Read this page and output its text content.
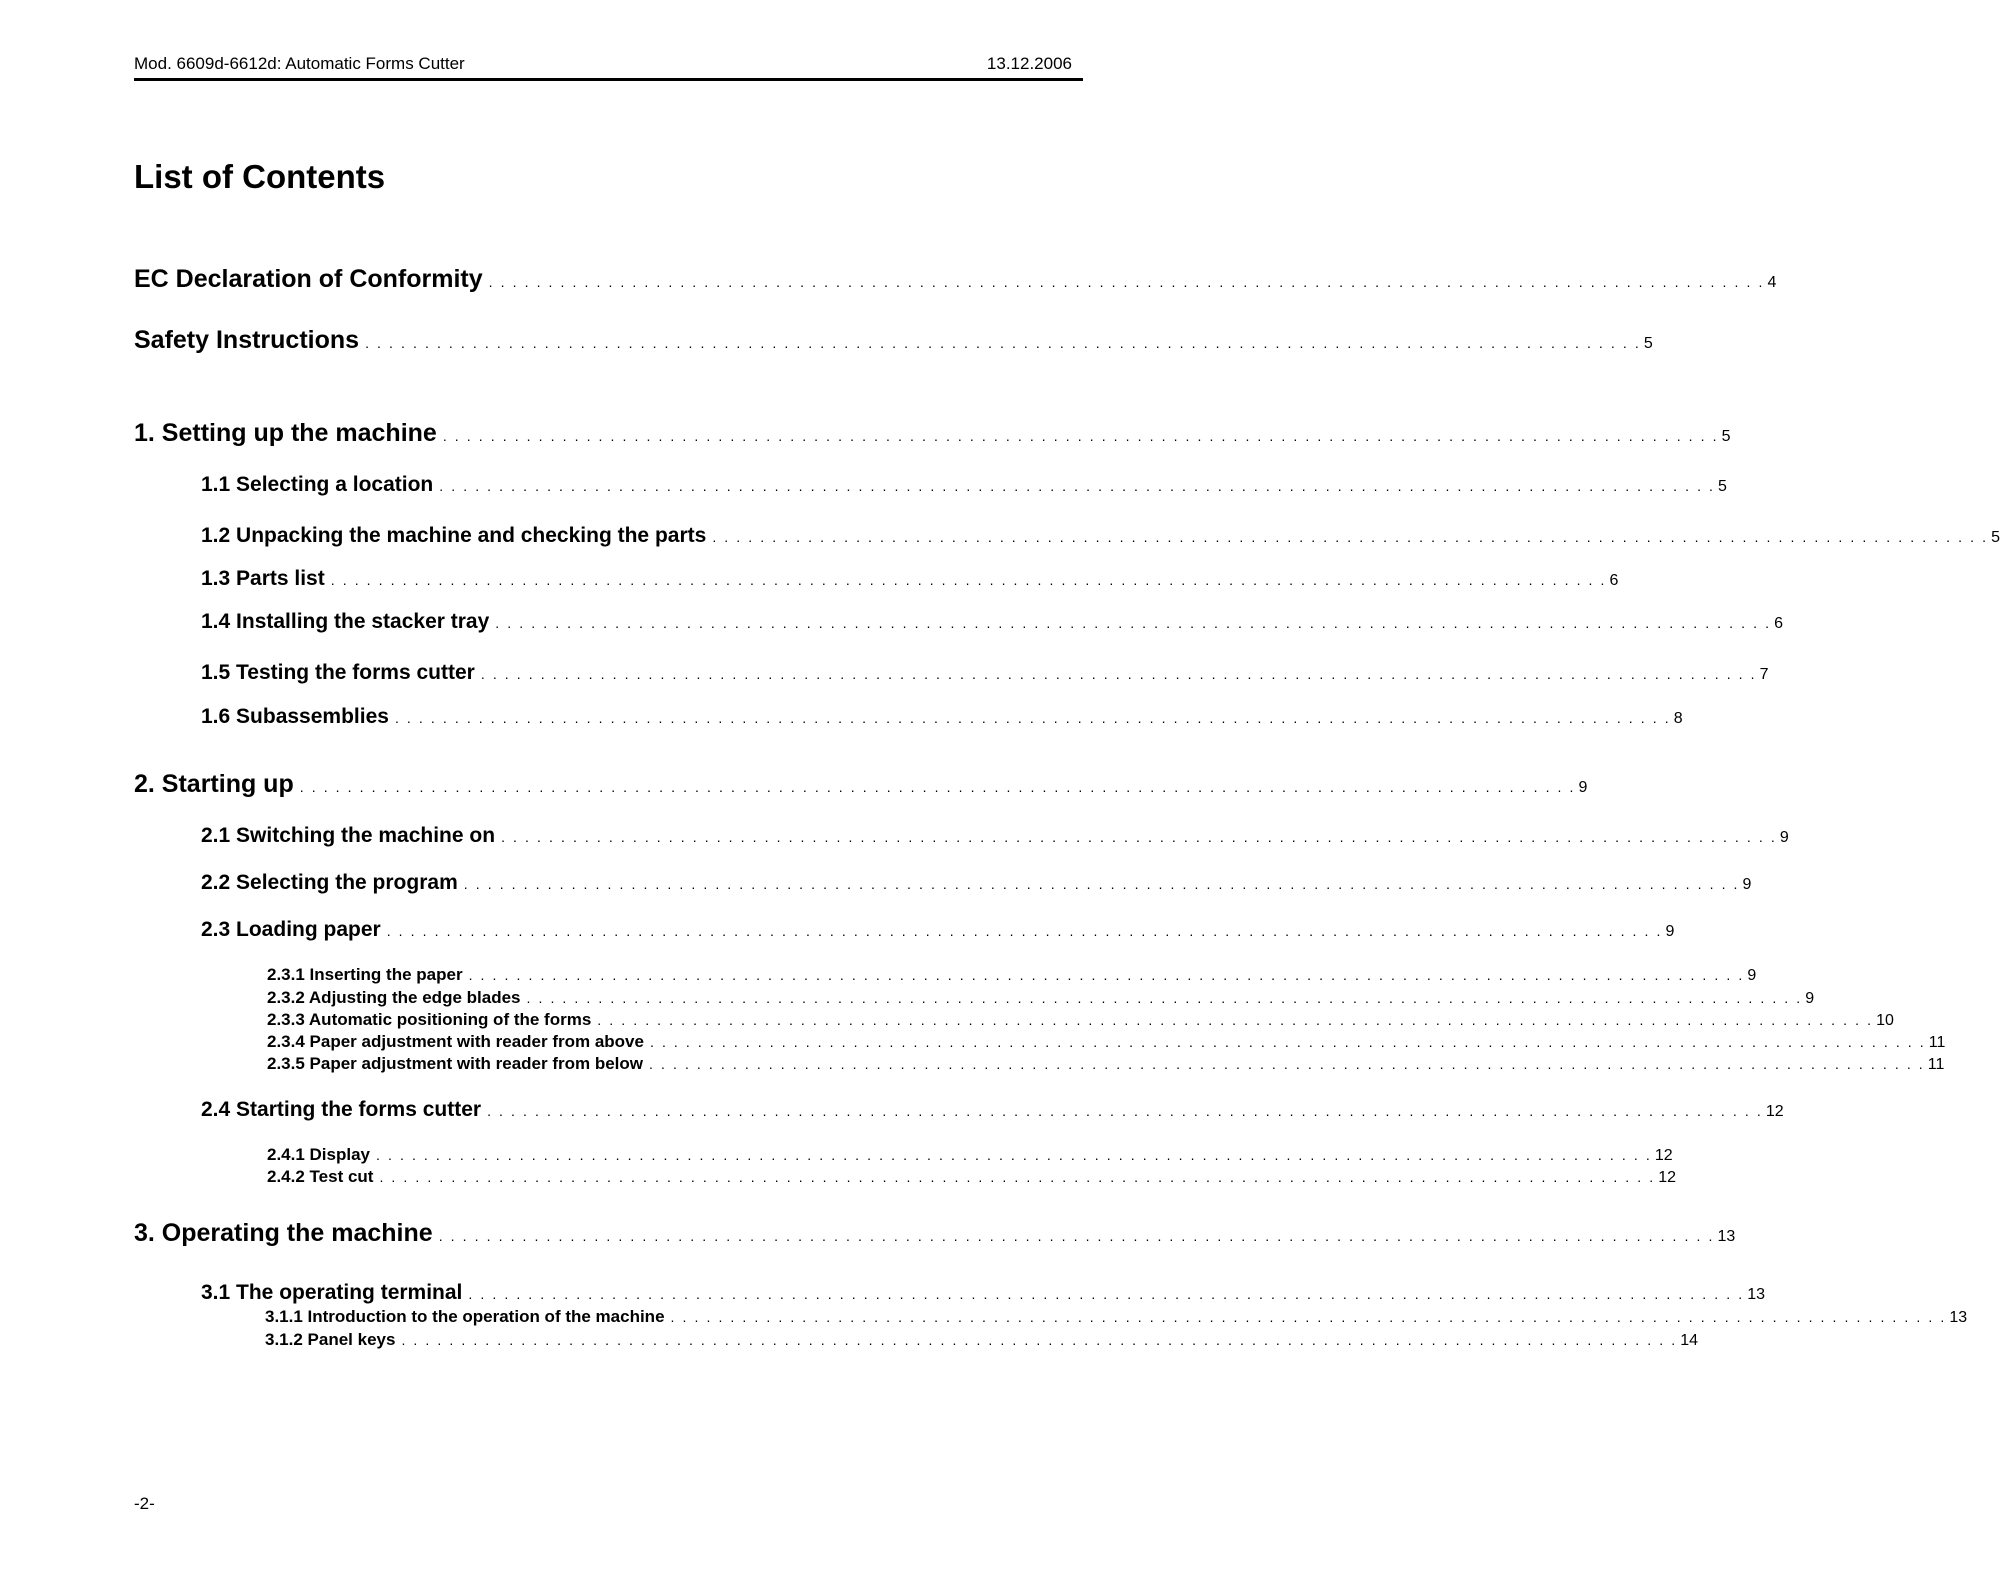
Mod. 6609d-6612d: Automatic Forms Cutter	13.12.2006
List of Contents
EC Declaration of Conformity . . . . . . . . . . . . . . . . . . . . . . . . . . . . . . . . . . . . . . . . . . . . . . . . . . . . . . . . . . . . . . . . . . . . . . . . . . . . . . . . . . . . . . . . . . . . . . . . . . . . . . . . . . . 4
Safety Instructions . . . . . . . . . . . . . . . . . . . . . . . . . . . . . . . . . . . . . . . . . . . . . . . . . . . . . . . . . . . . . . . . . . . . . . . . . . . . . . . . . . . . . . . . . . . . . . . . . . . . . . . . . . . 5
1. Setting up the machine . . . . . . . . . . . . . . . . . . . . . . . . . . . . . . . . . . . . . . . . . . . . . . . . . . . . . . . . . . . . . . . . . . . . . . . . . . . . . . . . . . . . . . . . . . . . . . . . . . . . . . . . . . . 5
1.1 Selecting a location . . . . . . . . . . . . . . . . . . . . . . . . . . . . . . . . . . . . . . . . . . . . . . . . . . . . . . . . . . . . . . . . . . . . . . . . . . . . . . . . . . . . . . . . . . . . . . . . . . . . . . . . . . . 5
1.2 Unpacking the machine and checking the parts . . . . . . . . . . . . . . . . . . . . . . . . . . . . . . . . . . . . . . . . . . . . . . . . . . . . . . . . . . . . . . . . . . . . . . . . . . . . . . . . . . . . . . . . . . . . . . . . . . . . . . . . . . . 5
1.3 Parts list . . . . . . . . . . . . . . . . . . . . . . . . . . . . . . . . . . . . . . . . . . . . . . . . . . . . . . . . . . . . . . . . . . . . . . . . . . . . . . . . . . . . . . . . . . . . . . . . . . . . . . . . . . . 6
1.4 Installing the stacker tray . . . . . . . . . . . . . . . . . . . . . . . . . . . . . . . . . . . . . . . . . . . . . . . . . . . . . . . . . . . . . . . . . . . . . . . . . . . . . . . . . . . . . . . . . . . . . . . . . . . . . . . . . . . 6
1.5 Testing the forms cutter . . . . . . . . . . . . . . . . . . . . . . . . . . . . . . . . . . . . . . . . . . . . . . . . . . . . . . . . . . . . . . . . . . . . . . . . . . . . . . . . . . . . . . . . . . . . . . . . . . . . . . . . . . . 7
1.6 Subassemblies . . . . . . . . . . . . . . . . . . . . . . . . . . . . . . . . . . . . . . . . . . . . . . . . . . . . . . . . . . . . . . . . . . . . . . . . . . . . . . . . . . . . . . . . . . . . . . . . . . . . . . . . . . . 8
2. Starting up . . . . . . . . . . . . . . . . . . . . . . . . . . . . . . . . . . . . . . . . . . . . . . . . . . . . . . . . . . . . . . . . . . . . . . . . . . . . . . . . . . . . . . . . . . . . . . . . . . . . . . . . . . . 9
2.1 Switching the machine on . . . . . . . . . . . . . . . . . . . . . . . . . . . . . . . . . . . . . . . . . . . . . . . . . . . . . . . . . . . . . . . . . . . . . . . . . . . . . . . . . . . . . . . . . . . . . . . . . . . . . . . . . . . 9
2.2 Selecting the program . . . . . . . . . . . . . . . . . . . . . . . . . . . . . . . . . . . . . . . . . . . . . . . . . . . . . . . . . . . . . . . . . . . . . . . . . . . . . . . . . . . . . . . . . . . . . . . . . . . . . . . . . . . 9
2.3 Loading paper . . . . . . . . . . . . . . . . . . . . . . . . . . . . . . . . . . . . . . . . . . . . . . . . . . . . . . . . . . . . . . . . . . . . . . . . . . . . . . . . . . . . . . . . . . . . . . . . . . . . . . . . . . . 9
2.3.1 Inserting the paper . . . . . . . . . . . . . . . . . . . . . . . . . . . . . . . . . . . . . . . . . . . . . . . . . . . . . . . . . . . . . . . . . . . . . . . . . . . . . . . . . . . . . . . . . . . . . . . . . . . . . . . . . . . 9
2.3.2 Adjusting the edge blades . . . . . . . . . . . . . . . . . . . . . . . . . . . . . . . . . . . . . . . . . . . . . . . . . . . . . . . . . . . . . . . . . . . . . . . . . . . . . . . . . . . . . . . . . . . . . . . . . . . . . . . . . . . 9
2.3.3 Automatic positioning of the forms . . . . . . . . . . . . . . . . . . . . . . . . . . . . . . . . . . . . . . . . . . . . . . . . . . . . . . . . . . . . . . . . . . . . . . . . . . . . . . . . . . . . . . . . . . . . . . . . . . . . . . . . . . . 10
2.3.4 Paper adjustment with reader from above . . . . . . . . . . . . . . . . . . . . . . . . . . . . . . . . . . . . . . . . . . . . . . . . . . . . . . . . . . . . . . . . . . . . . . . . . . . . . . . . . . . . . . . . . . . . . . . . . . . . . . . . . . . 11
2.3.5 Paper adjustment with reader from below . . . . . . . . . . . . . . . . . . . . . . . . . . . . . . . . . . . . . . . . . . . . . . . . . . . . . . . . . . . . . . . . . . . . . . . . . . . . . . . . . . . . . . . . . . . . . . . . . . . . . . . . . . . 11
2.4 Starting the forms cutter . . . . . . . . . . . . . . . . . . . . . . . . . . . . . . . . . . . . . . . . . . . . . . . . . . . . . . . . . . . . . . . . . . . . . . . . . . . . . . . . . . . . . . . . . . . . . . . . . . . . . . . . . . . 12
2.4.1 Display . . . . . . . . . . . . . . . . . . . . . . . . . . . . . . . . . . . . . . . . . . . . . . . . . . . . . . . . . . . . . . . . . . . . . . . . . . . . . . . . . . . . . . . . . . . . . . . . . . . . . . . . . . . 12
2.4.2 Test cut . . . . . . . . . . . . . . . . . . . . . . . . . . . . . . . . . . . . . . . . . . . . . . . . . . . . . . . . . . . . . . . . . . . . . . . . . . . . . . . . . . . . . . . . . . . . . . . . . . . . . . . . . . . 12
3. Operating the machine . . . . . . . . . . . . . . . . . . . . . . . . . . . . . . . . . . . . . . . . . . . . . . . . . . . . . . . . . . . . . . . . . . . . . . . . . . . . . . . . . . . . . . . . . . . . . . . . . . . . . . . . . . . 13
3.1 The operating terminal . . . . . . . . . . . . . . . . . . . . . . . . . . . . . . . . . . . . . . . . . . . . . . . . . . . . . . . . . . . . . . . . . . . . . . . . . . . . . . . . . . . . . . . . . . . . . . . . . . . . . . . . . . . 13
3.1.1 Introduction to the operation of the machine . . . . . . . . . . . . . . . . . . . . . . . . . . . . . . . . . . . . . . . . . . . . . . . . . . . . . . . . . . . . . . . . . . . . . . . . . . . . . . . . . . . . . . . . . . . . . . . . . . . . . . . . . . . 13
3.1.2 Panel keys . . . . . . . . . . . . . . . . . . . . . . . . . . . . . . . . . . . . . . . . . . . . . . . . . . . . . . . . . . . . . . . . . . . . . . . . . . . . . . . . . . . . . . . . . . . . . . . . . . . . . . . . . . . 14
-2-
